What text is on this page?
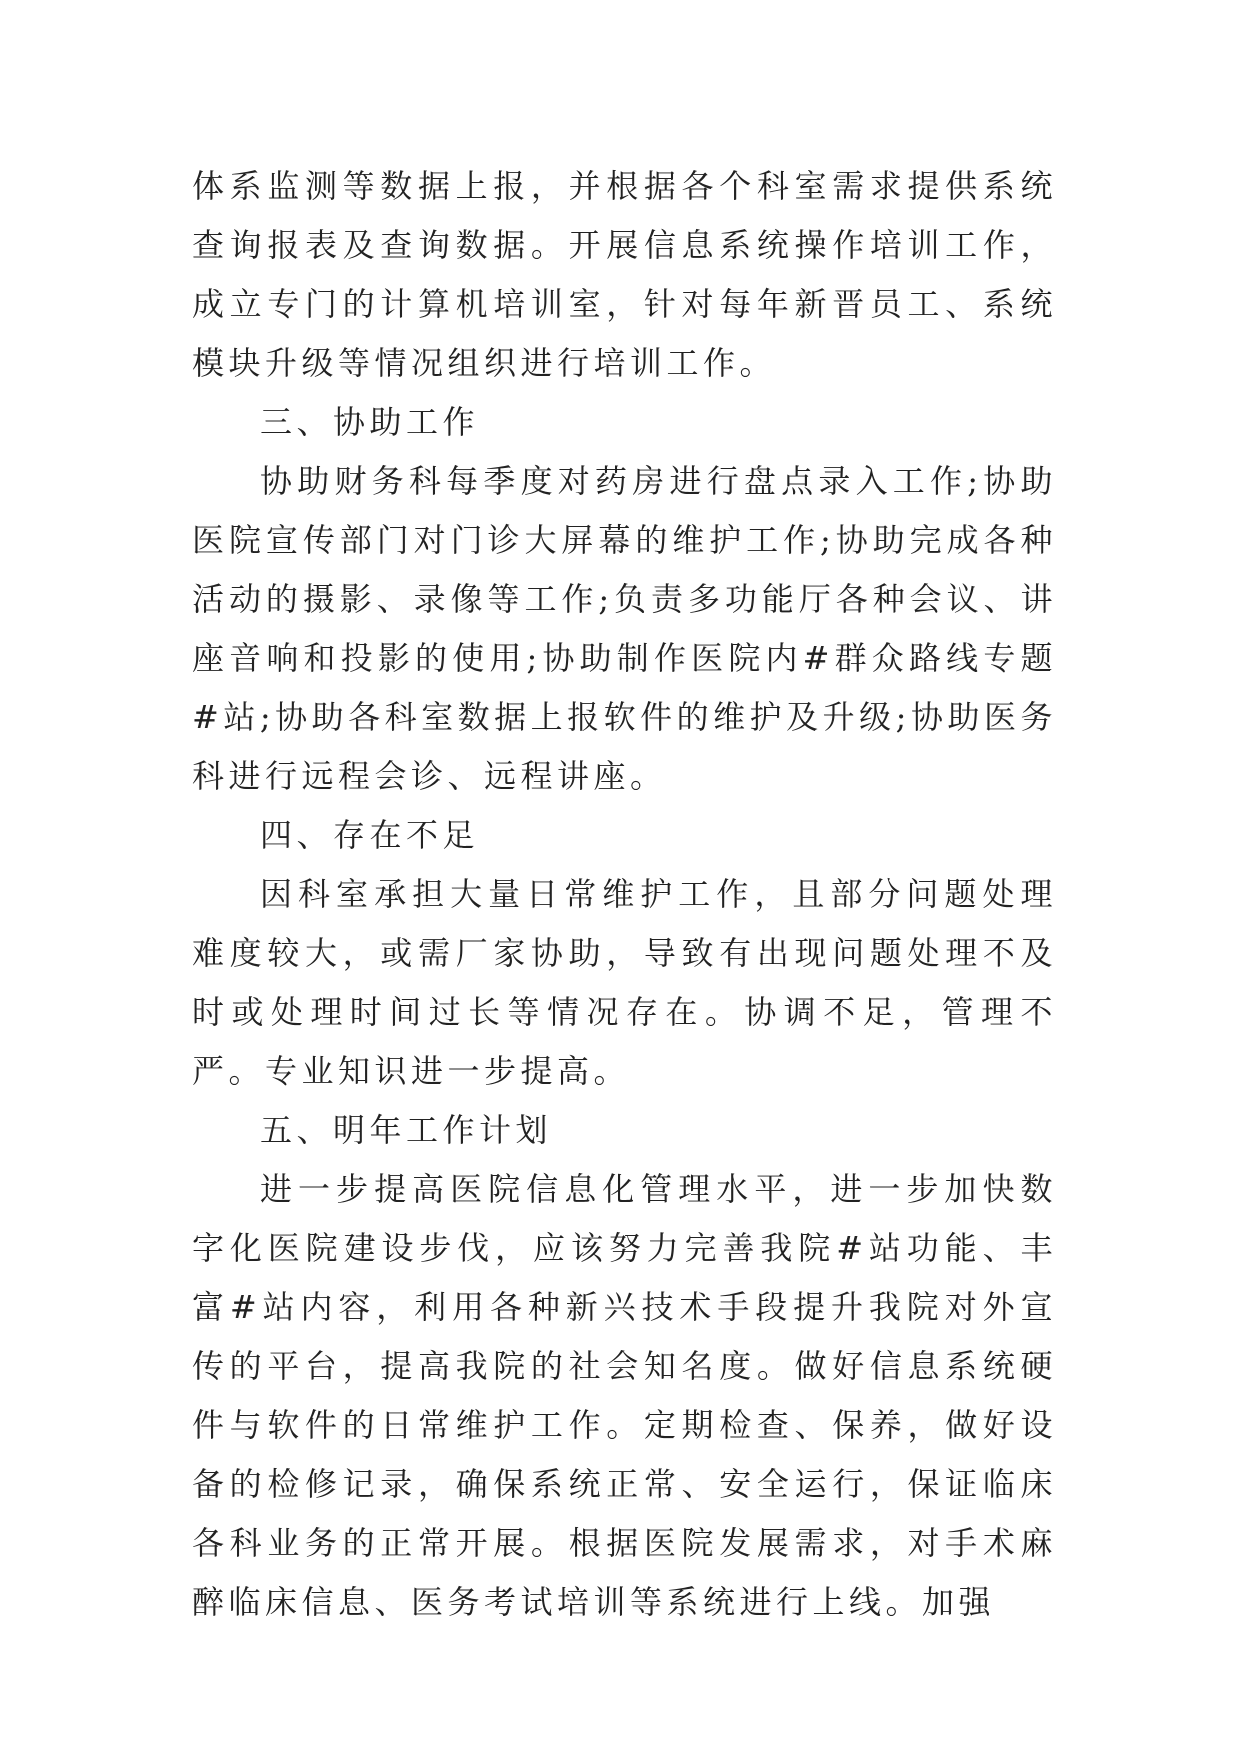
体系监测等数据上报，并根据各个科室需求提供系统查询报表及查询数据。开展信息系统操作培训工作，成立专门的计算机培训室，针对每年新晋员工、系统模块升级等情况组织进行培训工作。

三、协助工作

协助财务科每季度对药房进行盘点录入工作;协助医院宣传部门对门诊大屏幕的维护工作;协助完成各种活动的摄影、录像等工作;负责多功能厅各种会议、讲座音响和投影的使用;协助制作医院内#群众路线专题#站;协助各科室数据上报软件的维护及升级;协助医务科进行远程会诊、远程讲座。

四、存在不足

因科室承担大量日常维护工作，且部分问题处理难度较大，或需厂家协助，导致有出现问题处理不及时或处理时间过长等情况存在。协调不足，管理不严。专业知识进一步提高。

五、明年工作计划

进一步提高医院信息化管理水平，进一步加快数字化医院建设步伐，应该努力完善我院#站功能、丰富#站内容，利用各种新兴技术手段提升我院对外宣传的平台，提高我院的社会知名度。做好信息系统硬件与软件的日常维护工作。定期检查、保养，做好设备的检修记录，确保系统正常、安全运行，保证临床各科业务的正常开展。根据医院发展需求，对手术麻醉临床信息、医务考试培训等系统进行上线。加强
